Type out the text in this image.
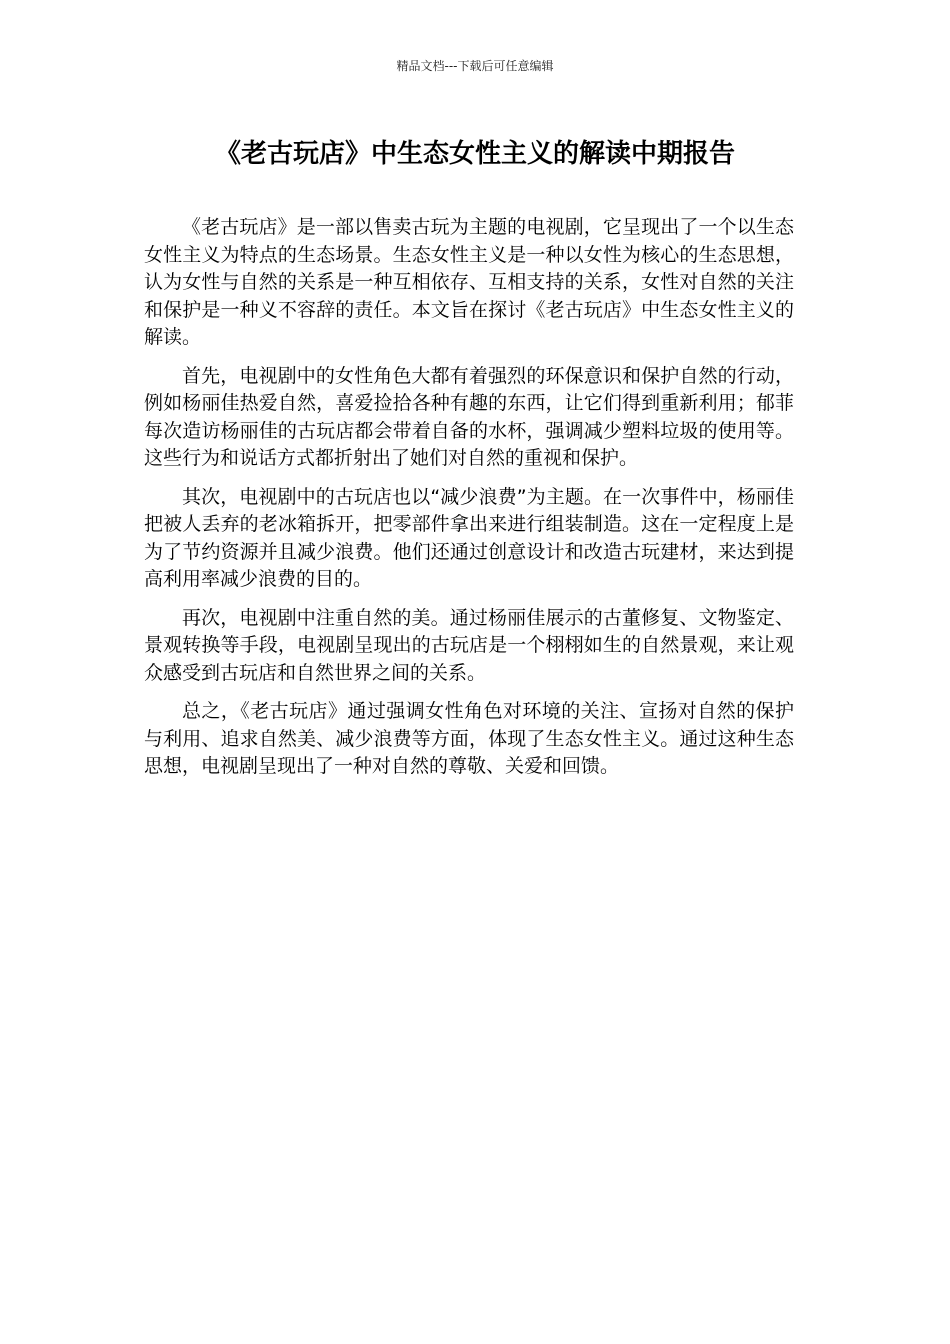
精品文档---下载后可任意编辑
《老古玩店》中生态女性主义的解读中期报告

《老古玩店》是一部以售卖古玩为主题的电视剧，它呈现出了一个以生态女性主义为特点的生态场景。生态女性主义是一种以女性为核心的生态思想，认为女性与自然的关系是一种互相依存、互相支持的关系，女性对自然的关注和保护是一种义不容辞的责任。本文旨在探讨《老古玩店》中生态女性主义的解读。

首先，电视剧中的女性角色大都有着强烈的环保意识和保护自然的行动，例如杨丽佳热爱自然，喜爱捡拾各种有趣的东西，让它们得到重新利用；郁菲每次造访杨丽佳的古玩店都会带着自备的水杯，强调减少塑料垃圾的使用等。这些行为和说话方式都折射出了她们对自然的重视和保护。

其次，电视剧中的古玩店也以“减少浪费”为主题。在一次事件中，杨丽佳把被人丢弃的老冰箱拆开，把零部件拿出来进行组装制造。这在一定程度上是为了节约资源并且减少浪费。他们还通过创意设计和改造古玩建材，来达到提高利用率减少浪费的目的。

再次，电视剧中注重自然的美。通过杨丽佳展示的古董修复、文物鉴定、景观转换等手段，电视剧呈现出的古玩店是一个栩栩如生的自然景观，来让观众感受到古玩店和自然世界之间的关系。

总之，《老古玩店》通过强调女性角色对环境的关注、宣扬对自然的保护与利用、追求自然美、减少浪费等方面，体现了生态女性主义。通过这种生态思想，电视剧呈现出了一种对自然的尊敬、关爱和回馈。
